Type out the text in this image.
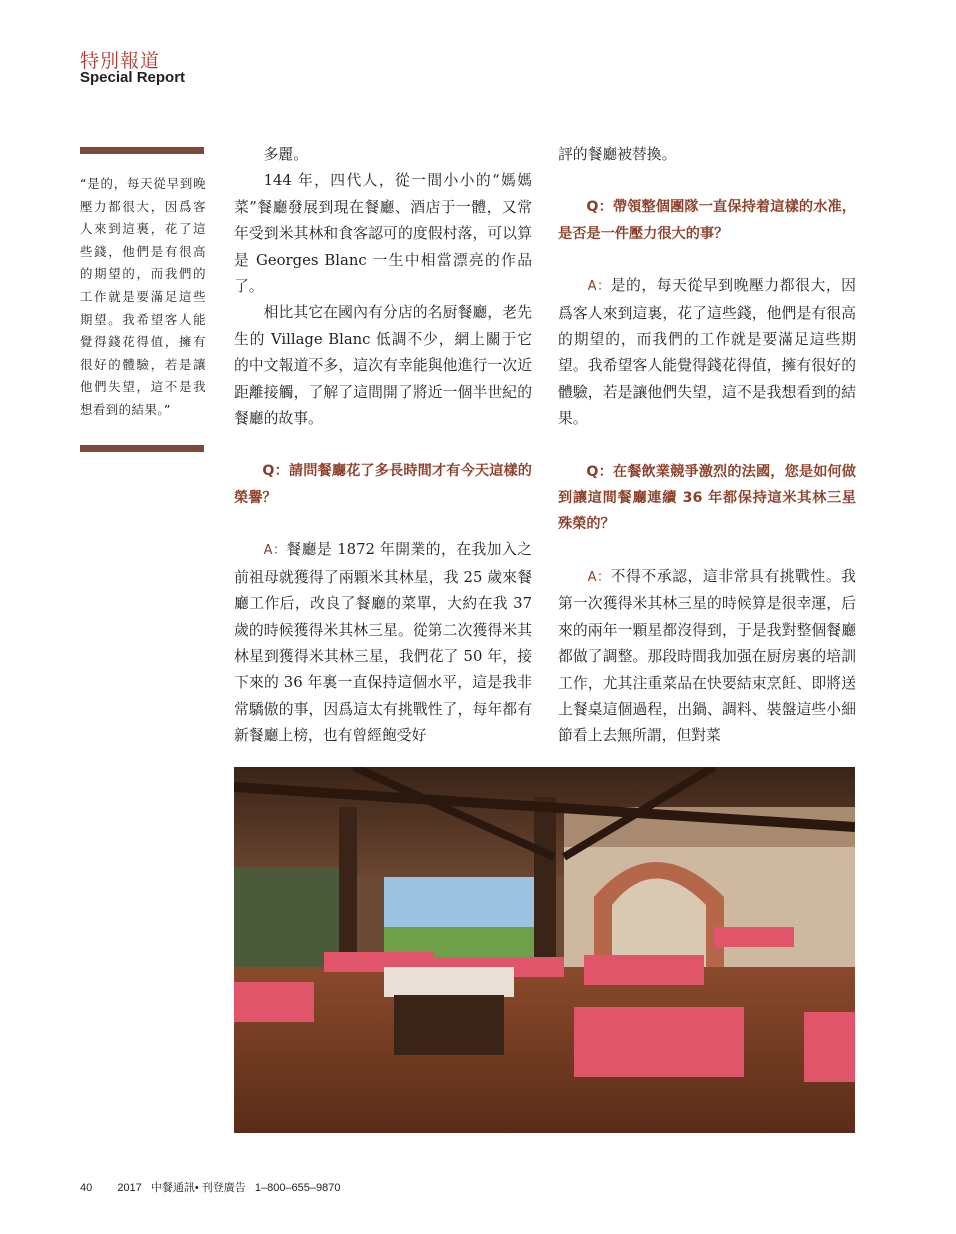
特別報道
Special Report
“是的，每天從早到晚壓力都很大，因爲客人來到這裏，花了這些錢，他們是有很高的期望的，而我們的工作就是要滿足這些期望。我希望客人能覺得錢花得值，擁有很好的體驗，若是讓他們失望，這不是我想看到的結果。”

多麗。

144 年，四代人，從一間小小的“媽媽菜”餐廳發展到現在餐廳、酒店于一體，又常年受到米其林和食客認可的度假村落，可以算是 Georges Blanc 一生中相當漂亮的作品了。

相比其它在國內有分店的名厨餐廳，老先生的 Village Blanc 低調不少，網上關于它的中文報道不多，這次有幸能與他進行一次近距離接觸，了解了這間開了將近一個半世紀的餐廳的故事。

Q：請問餐廳花了多長時間才有今天這樣的榮譽？

A：餐廳是 1872 年開業的，在我加入之前祖母就獲得了兩顆米其林星，我 25 歲來餐廳工作后，改良了餐廳的菜單，大約在我 37 歲的時候獲得米其林三星。從第二次獲得米其林星到獲得米其林三星，我們花了 50 年，接下來的 36 年裏一直保持這個水平，這是我非常驕傲的事，因爲這太有挑戰性了，每年都有新餐廳上榜，也有曾經飽受好

評的餐廳被替換。

Q：帶領整個團隊一直保持着這樣的水准，是否是一件壓力很大的事？

A：是的，每天從早到晚壓力都很大，因爲客人來到這裏，花了這些錢，他們是有很高的期望的，而我們的工作就是要滿足這些期望。我希望客人能覺得錢花得值，擁有很好的體驗，若是讓他們失望，這不是我想看到的結果。

Q：在餐飲業競爭激烈的法國，您是如何做到讓這間餐廳連續 36 年都保持這米其林三星殊榮的？

A：不得不承認，這非常具有挑戰性。我第一次獲得米其林三星的時候算是很幸運，后來的兩年一顆星都沒得到，于是我對整個餐廳都做了調整。那段時間我加强在厨房裏的培訓工作，尤其注重菜品在快要結束烹飪、即將送上餐桌這個過程，出鍋、調料、裝盤這些小細節看上去無所謂，但對菜

40 2017 中餐通訊• 刊登廣告 1–800–655–9870
